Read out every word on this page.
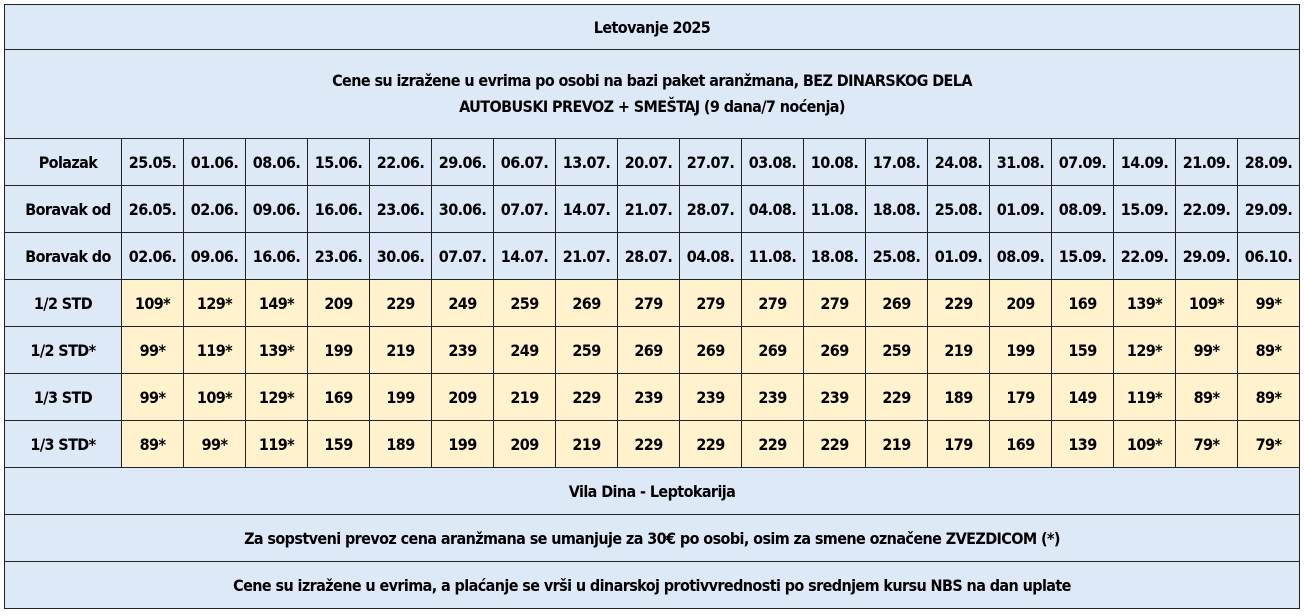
Letovanje 2025																			

Cene su izražene u evrima po osobi na bazi paket aranžmana, BEZ DINARSKOG DELA
AUTOBUSKI PREVOZ + SMEŠTAJ (9 dana/7 noćenja)																			

Polazak	25.05.	01.06.	08.06.	15.06.	22.06.	29.06.	06.07.	13.07.	20.07.	27.07.	03.08.	10.08.	17.08.	24.08.	31.08.	07.09.	14.09.	21.09.	28.09.
Boravak od	26.05.	02.06.	09.06.	16.06.	23.06.	30.06.	07.07.	14.07.	21.07.	28.07.	04.08.	11.08.	18.08.	25.08.	01.09.	08.09.	15.09.	22.09.	29.09.
Boravak do	02.06.	09.06.	16.06.	23.06.	30.06.	07.07.	14.07.	21.07.	28.07.	04.08.	11.08.	18.08.	25.08.	01.09.	08.09.	15.09.	22.09.	29.09.	06.10.
1/2 STD	109*	129*	149*	209	229	249	259	269	279	279	279	279	269	229	209	169	139*	109*	99*
1/2 STD*	99*	119*	139*	199	219	239	249	259	269	269	269	269	259	219	199	159	129*	99*	89*
1/3 STD	99*	109*	129*	169	199	209	219	229	239	239	239	239	229	189	179	149	119*	89*	89*
1/3 STD*	89*	99*	119*	159	189	199	209	219	229	229	229	229	219	179	169	139	109*	79*	79*
Vila Dina - Leptokarija																			
Za sopstveni prevoz cena aranžmana se umanjuje za 30€ po osobi, osim za smene označene ZVEZDICOM (*)																			
Cene su izražene u evrima, a plaćanje se vrši u dinarskoj protivvrednosti po srednjem kursu NBS na dan uplate																			
